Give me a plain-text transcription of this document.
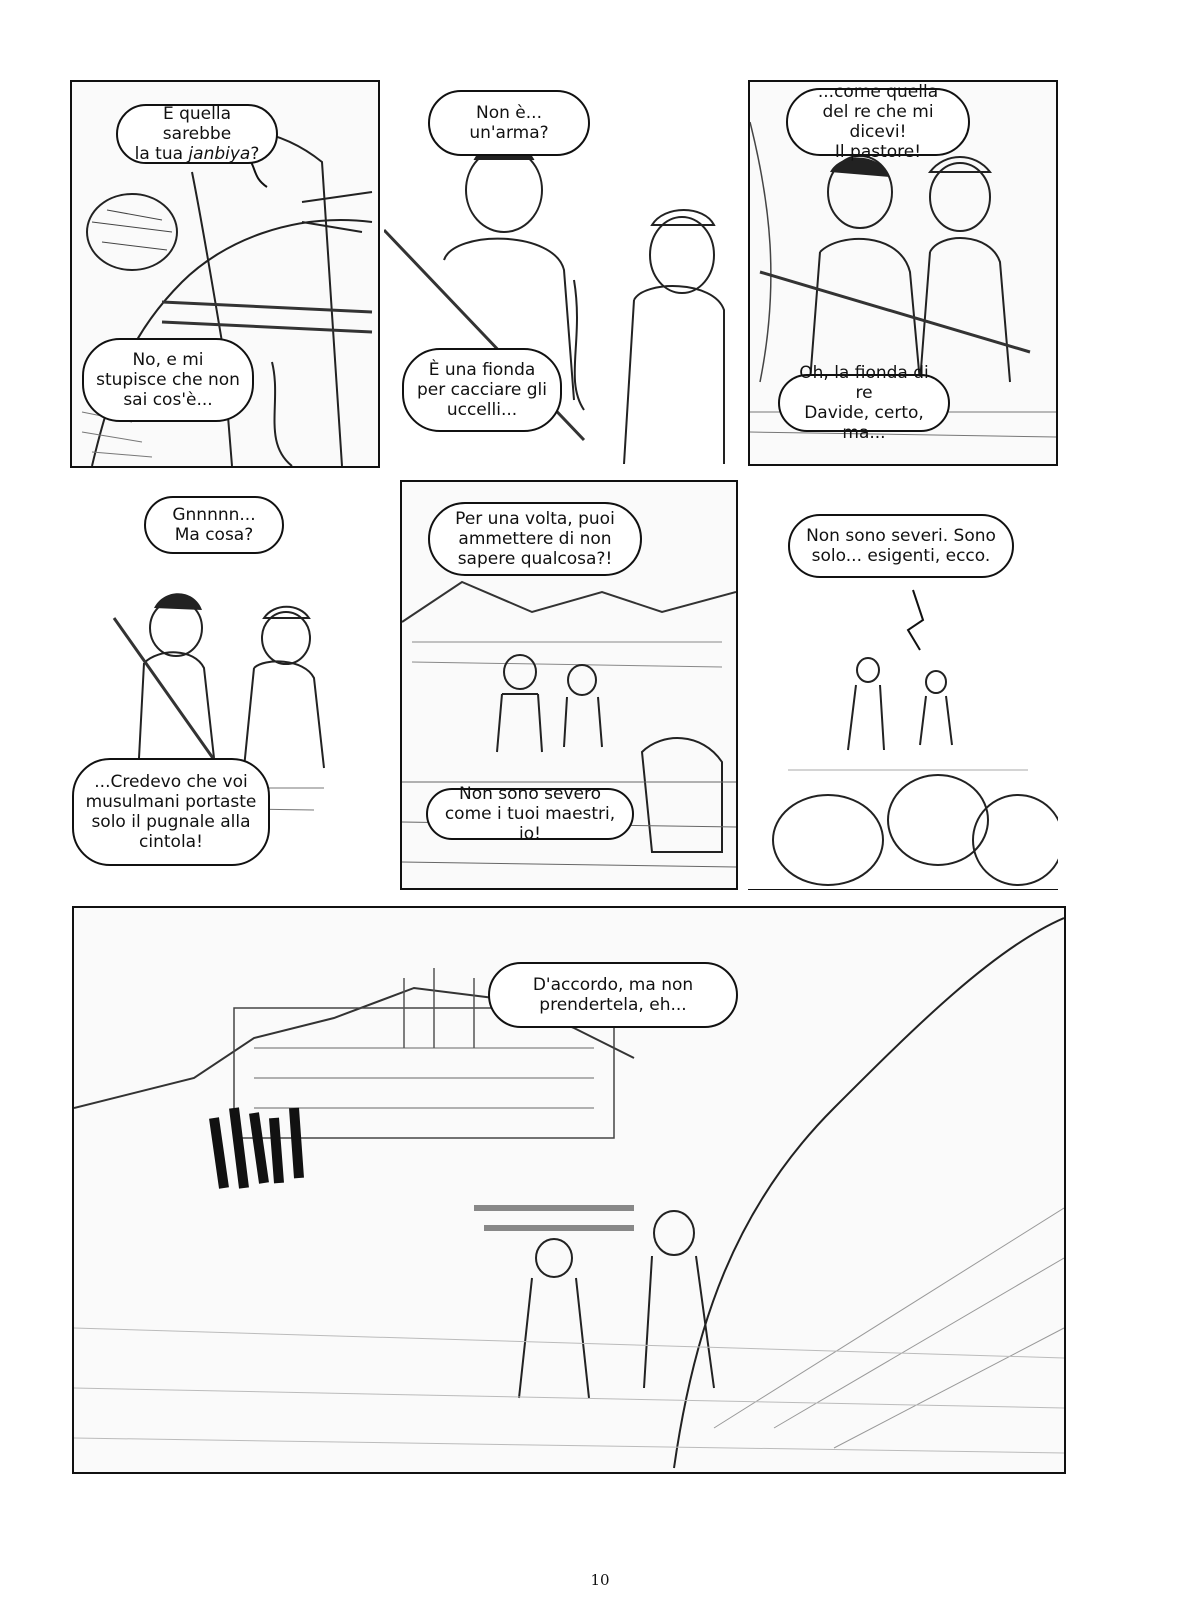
E quella sarebbe
la tua janbiya?
No, e mi
stupisce che non
sai cos'è...
Non è...
un'arma?
È una fionda
per cacciare gli
uccelli...
...come quella
del re che mi dicevi!
Il pastore!
Oh, la fionda di re
Davide, certo, ma...
Gnnnnn...
Ma cosa?
...Credevo che voi
musulmani portaste
solo il pugnale alla
cintola!
Per una volta, puoi
ammettere di non
sapere qualcosa?!
Non sono severo
come i tuoi maestri, io!
Non sono severi. Sono
solo... esigenti, ecco.
D'accordo, ma non
prendertela, eh...
10
